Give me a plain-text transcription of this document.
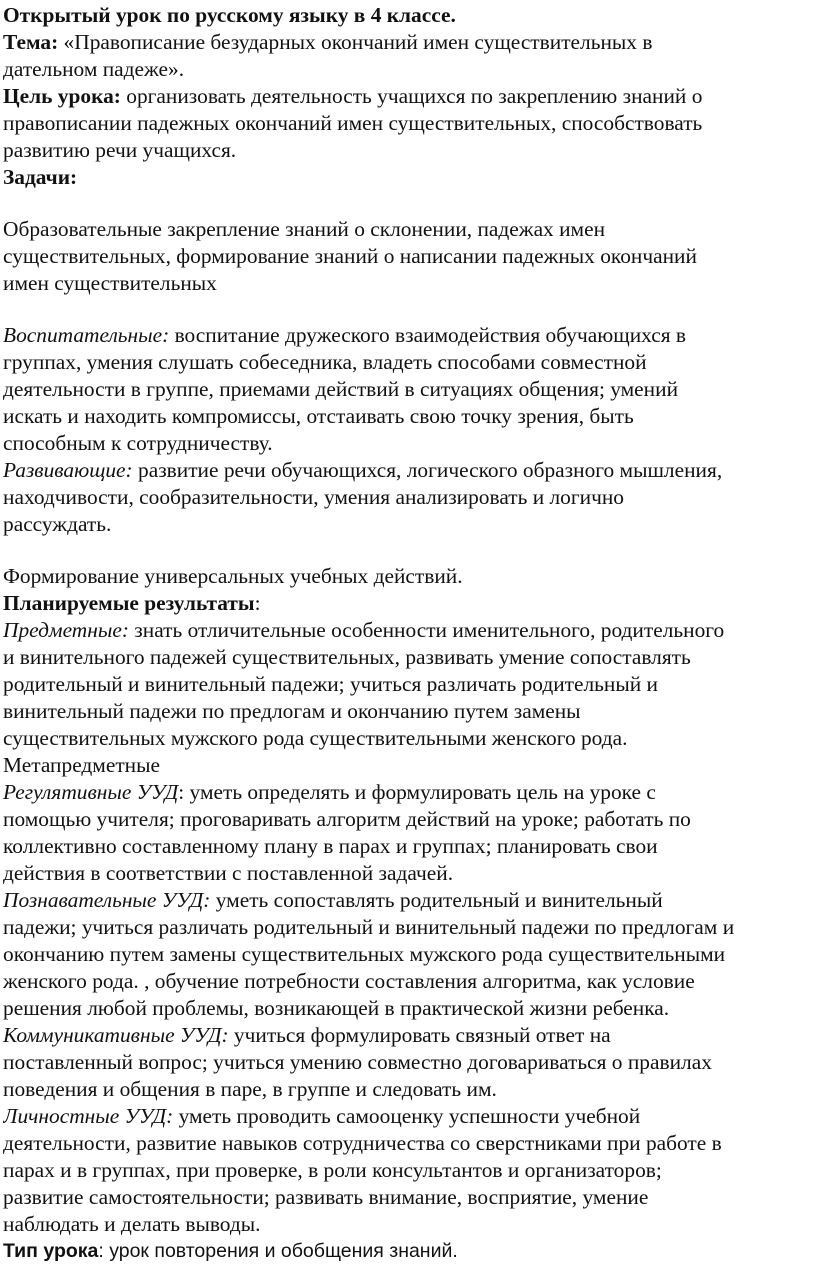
Открытый урок по русскому языку в 4 классе.
Тема: «Правописание безударных окончаний имен существительных в
дательном падеже».
Цель урока: организовать деятельность учащихся по закреплению знаний о
правописании падежных окончаний имен существительных, способствовать
развитию речи учащихся.
Задачи:
Образовательные закрепление знаний о склонении, падежах имен
существительных, формирование знаний о написании падежных окончаний
имен существительных
Воспитательные: воспитание дружеского взаимодействия обучающихся в
группах, умения слушать собеседника, владеть способами совместной
деятельности в группе, приемами действий в ситуациях общения; умений
искать и находить компромиссы, отстаивать свою точку зрения, быть
способным к сотрудничеству.
Развивающие: развитие речи обучающихся, логического образного мышления,
находчивости, сообразительности, умения анализировать и логично
рассуждать.
Формирование универсальных учебных действий.
Планируемые результаты:
Предметные: знать отличительные особенности именительного, родительного
и винительного падежей существительных, развивать умение сопоставлять
родительный и винительный падежи; учиться различать родительный и
винительный падежи по предлогам и окончанию путем замены
существительных мужского рода существительными женского рода.
Метапредметные
Регулятивные УУД: уметь определять и формулировать цель на уроке с
помощью учителя; проговаривать алгоритм действий на уроке; работать по
коллективно составленному плану в парах и группах; планировать свои
действия в соответствии с поставленной задачей.
Познавательные УУД: уметь сопоставлять родительный и винительный
падежи; учиться различать родительный и винительный падежи по предлогам и
окончанию путем замены существительных мужского рода существительными
женского рода. , обучение потребности составления алгоритма, как условие
решения любой проблемы, возникающей в практической жизни ребенка.
Коммуникативные УУД: учиться формулировать связный ответ на
поставленный вопрос; учиться умению совместно договариваться о правилах
поведения и общения в паре, в группе и следовать им.
Личностные УУД: уметь проводить самооценку успешности учебной
деятельности, развитие навыков сотрудничества со сверстниками при работе в
парах и в группах, при проверке, в роли консультантов и организаторов;
развитие самостоятельности; развивать внимание, восприятие, умение
наблюдать и делать выводы.
Тип урока: урок повторения и обобщения знаний.
